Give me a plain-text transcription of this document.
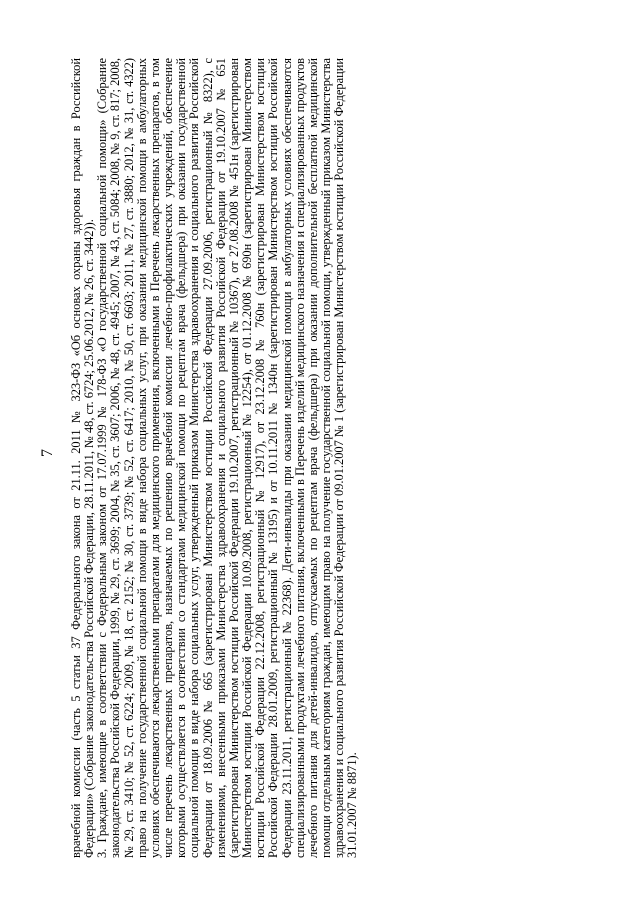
7 врачебной комиссии (часть 5 статьи 37 Федерального закона от 21.11. 2011 № 323-ФЗ «Об основах охраны здоровья граждан в Российской Федерации» (Собрание законодательства Российской Федерации, 28.11.2011, № 48, ст. 6724; 25.06.2012, № 26, ст. 3442)). 3. Граждане, имеющие в соответствии с Федеральным законом от 17.07.1999 № 178-ФЗ «О государственной социальной помощи» (Собрание законодательства Российской Федерации, 1999, № 29, ст. 3699; 2004, № 35, ст. 3607; 2006, № 48, ст. 4945; 2007, № 43, ст. 5084; 2008, № 9, ст. 817; 2008, № 29, ст. 3410; № 52, ст. 6224; 2009, № 18, ст. 2152; № 30, ст. 3739; № 52, ст. 6417; 2010, № 50, ст. 6603; 2011, № 27, ст. 3880; 2012, № 31, ст. 4322) право на получение государственной социальной помощи в виде набора социальных услуг, при оказании медицинской помощи в амбулаторных условиях обеспечиваются лекарственными препаратами для медицинского применения, включенными в Перечень лекарственных препаратов, в том числе перечень лекарственных препаратов, назначаемых по решению врачебной комиссии лечебно-профилактических учреждений, обеспечение которыми осуществляется в соответствии со стандартами медицинской помощи по рецептам врача (фельдшера) при оказании государственной социальной помощи в виде набора социальных услуг, утвержденный приказом Министерства здравоохранения и социального развития Российской Федерации от 18.09.2006 № 665 (зарегистрирован Министерством юстиции Российской Федерации 27.09.2006, регистрационный № 8322), с изменениями, внесенными приказами Министерства здравоохранения и социального развития Российской Федерации от 19.10.2007 № 651 (зарегистрирован Министерством юстиции Российской Федерации 19.10.2007, регистрационный № 10367), от 27.08.2008 № 451н (зарегистрирован Министерством юстиции Российской Федерации 10.09.2008, регистрационный № 12254), от 01.12.2008 № 690н (зарегистрирован Министерством юстиции Российской Федерации 22.12.2008, регистрационный № 12917), от 23.12.2008 № 760н (зарегистрирован Министерством юстиции Российской Федерации 28.01.2009, регистрационный № 13195) и от 10.11.2011 № 1340н (зарегистрирован Министерством юстиции Российской Федерации 23.11.2011, регистрационный № 22368). Дети-инвалиды при оказании медицинской помощи в амбулаторных условиях обеспечиваются специализированными продуктами лечебного питания, включенными в Перечень изделий медицинского назначения и специализированных продуктов лечебного питания для детей-инвалидов, отпускаемых по рецептам врача (фельдшера) при оказании дополнительной бесплатной медицинской помощи отдельным категориям граждан, имеющим право на получение государственной социальной помощи, утвержденный приказом Министерства здравоохранения и социального развития Российской Федерации от 09.01.2007 № 1 (зарегистрирован Министерством юстиции Российской Федерации 31.01.2007 № 8871).
